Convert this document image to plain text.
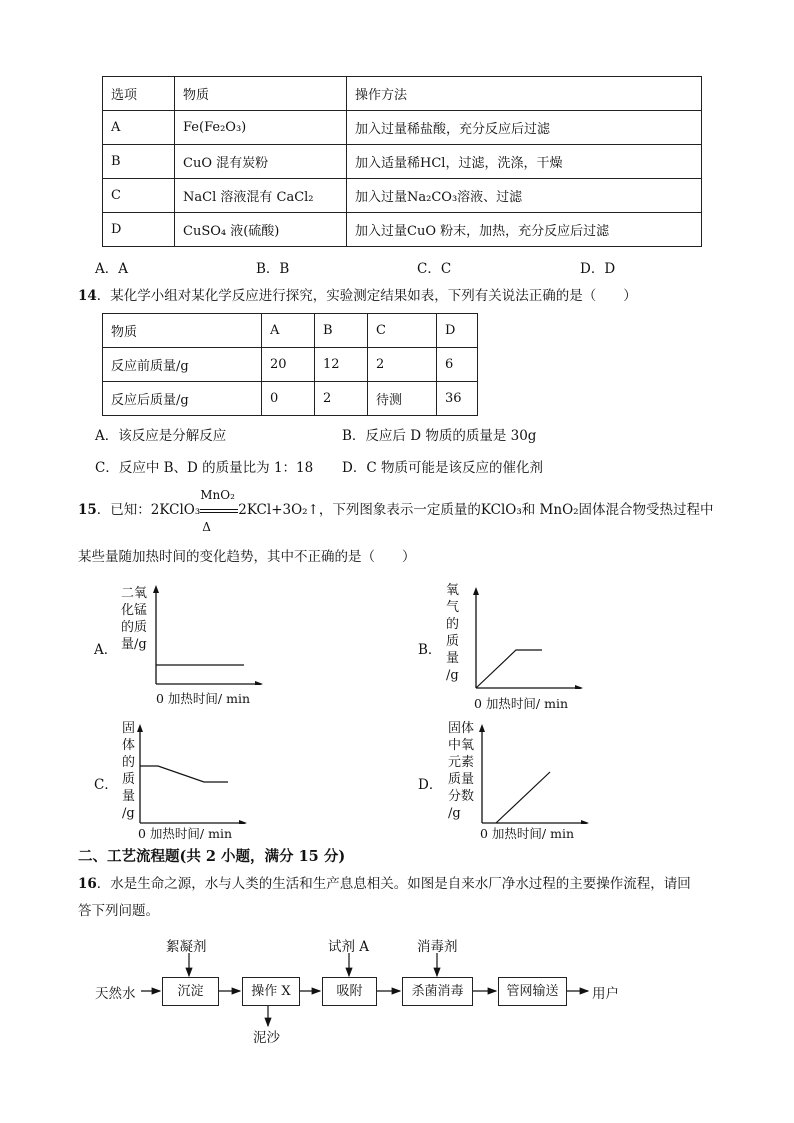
选项	物质	操作方法
A	Fe(Fe₂O₃)	加入过量稀盐酸，充分反应后过滤
B	CuO 混有炭粉	加入适量稀HCl，过滤，洗涤，干燥
C	NaCl 溶液混有 CaCl₂	加入过量Na₂CO₃溶液、过滤
D	CuSO₄ 液(硫酸)	加入过量CuO 粉末，加热，充分反应后过滤
A．A	B．B	C．C	D．D
14．某化学小组对某化学反应进行探究，实验测定结果如表，下列有关说法正确的是（　　）
物质	A	B	C	D
反应前质量/g	20	12	2	6
反应后质量/g	0	2	待测	36
A．该反应是分解反应	B．反应后 D 物质的质量是 30g
C．反应中 B、D 的质量比为 1：18 D．C 物质可能是该反应的催化剂
15．已知：2KClO₃
MnO₂
Δ
2KCl+3O₂↑，下列图象表示一定质量的KClO₃和 MnO₂固体混合物受热过程中
某些量随加热时间的变化趋势，其中不正确的是（　　）
A．
二氧
化锰
的质
量/g
0 加热时间/ min
B．
氧
气
的
质
量
/g
0 加热时间/ min
C．
固
体
的
质
量
/g
0 加热时间/ min
D．
固体
中氧
元素
质量
分数
/g
0 加热时间/ min
二、工艺流程题(共 2 小题，满分 15 分)
16．水是生命之源，水与人类的生活和生产息息相关。如图是自来水厂净水过程的主要操作流程，请回
答下列问题。
天然水	沉淀	操作 X	吸附	杀菌消毒	管网输送	用户
絮凝剂	试剂 A	消毒剂
泥沙
